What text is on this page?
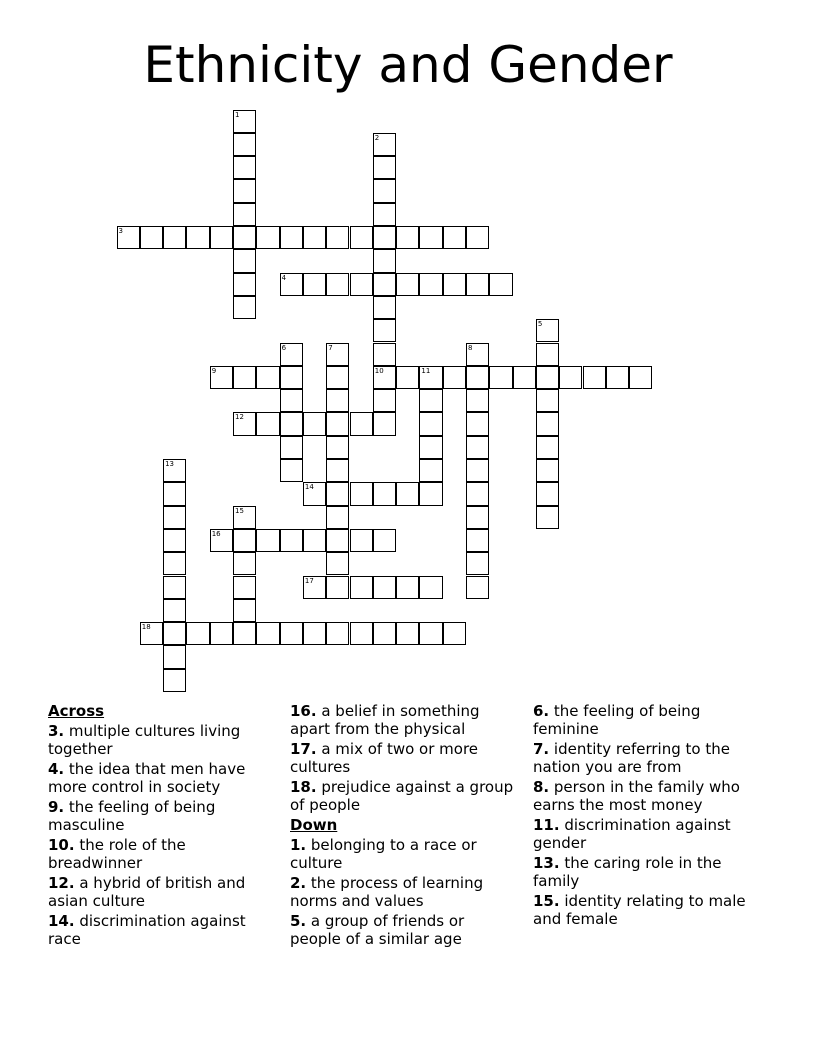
Ethnicity and Gender
1
2
10
3
4
5
6	7	8
9	11
12
13
14
15
16
17
18
Across
3. multiple cultures living together
4. the idea that men have more control in society
9. the feeling of being masculine
10. the role of the breadwinner
12. a hybrid of british and asian culture
14. discrimination against race
16. a belief in something apart from the physical
17. a mix of two or more cultures
18. prejudice against a group of people
Down
1. belonging to a race or culture
2. the process of learning norms and values
5. a group of friends or people of a similar age
6. the feeling of being feminine
7. identity referring to the nation you are from
8. person in the family who earns the most money
11. discrimination against gender
13. the caring role in the family
15. identity relating to male and female
